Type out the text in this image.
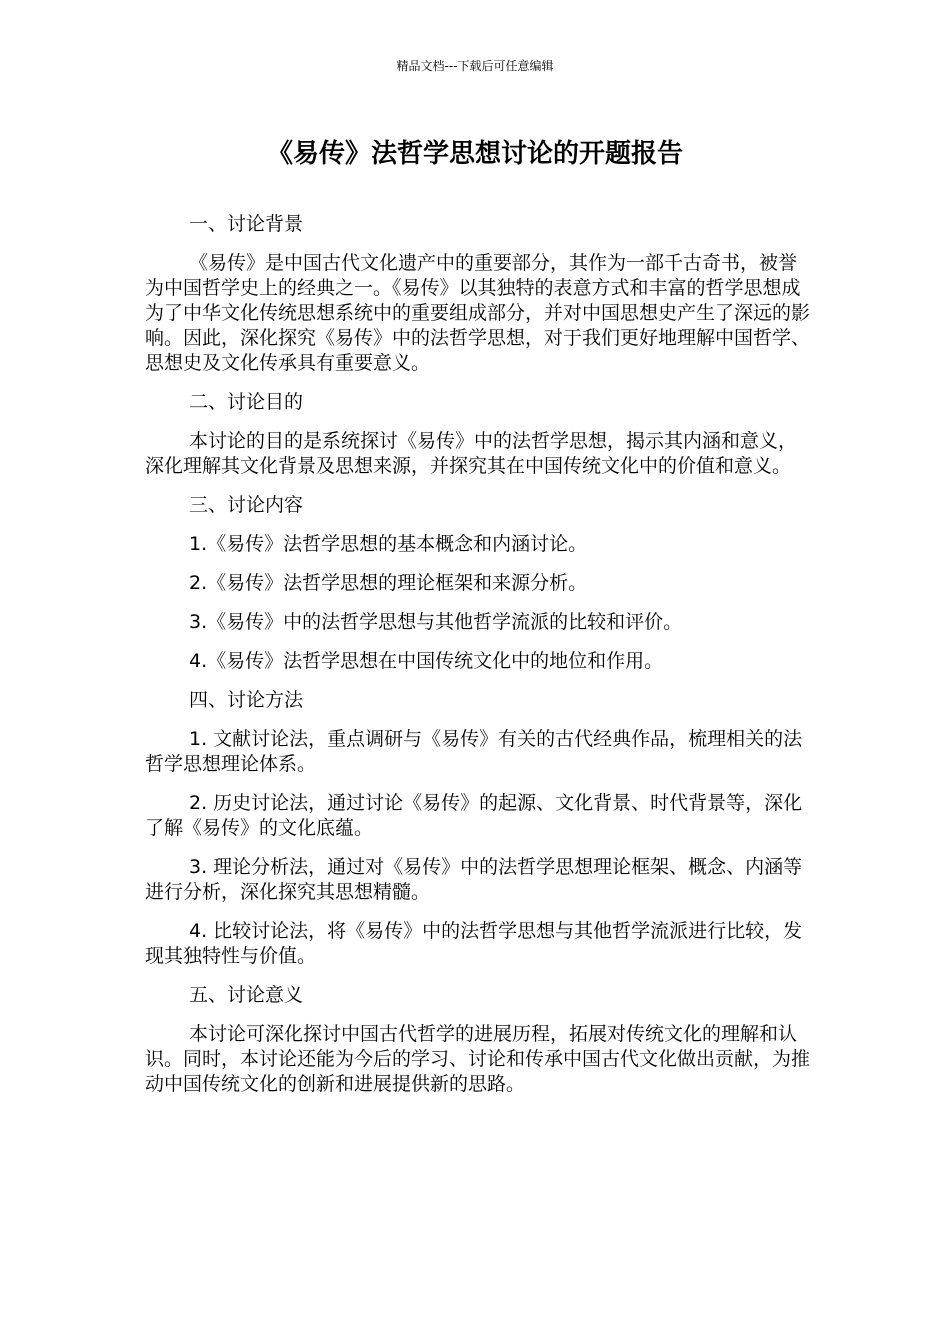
精品文档---下载后可任意编辑
《易传》法哲学思想讨论的开题报告

一、讨论背景

《易传》是中国古代文化遗产中的重要部分，其作为一部千古奇书，被誉为中国哲学史上的经典之一。《易传》以其独特的表意方式和丰富的哲学思想成为了中华文化传统思想系统中的重要组成部分，并对中国思想史产生了深远的影响。因此，深化探究《易传》中的法哲学思想，对于我们更好地理解中国哲学、思想史及文化传承具有重要意义。

二、讨论目的

本讨论的目的是系统探讨《易传》中的法哲学思想，揭示其内涵和意义，深化理解其文化背景及思想来源，并探究其在中国传统文化中的价值和意义。

三、讨论内容

1.《易传》法哲学思想的基本概念和内涵讨论。

2.《易传》法哲学思想的理论框架和来源分析。

3.《易传》中的法哲学思想与其他哲学流派的比较和评价。

4.《易传》法哲学思想在中国传统文化中的地位和作用。

四、讨论方法

1. 文献讨论法，重点调研与《易传》有关的古代经典作品，梳理相关的法哲学思想理论体系。

2. 历史讨论法，通过讨论《易传》的起源、文化背景、时代背景等，深化了解《易传》的文化底蕴。

3. 理论分析法，通过对《易传》中的法哲学思想理论框架、概念、内涵等进行分析，深化探究其思想精髓。

4. 比较讨论法，将《易传》中的法哲学思想与其他哲学流派进行比较，发现其独特性与价值。

五、讨论意义

本讨论可深化探讨中国古代哲学的进展历程，拓展对传统文化的理解和认识。同时，本讨论还能为今后的学习、讨论和传承中国古代文化做出贡献，为推动中国传统文化的创新和进展提供新的思路。
